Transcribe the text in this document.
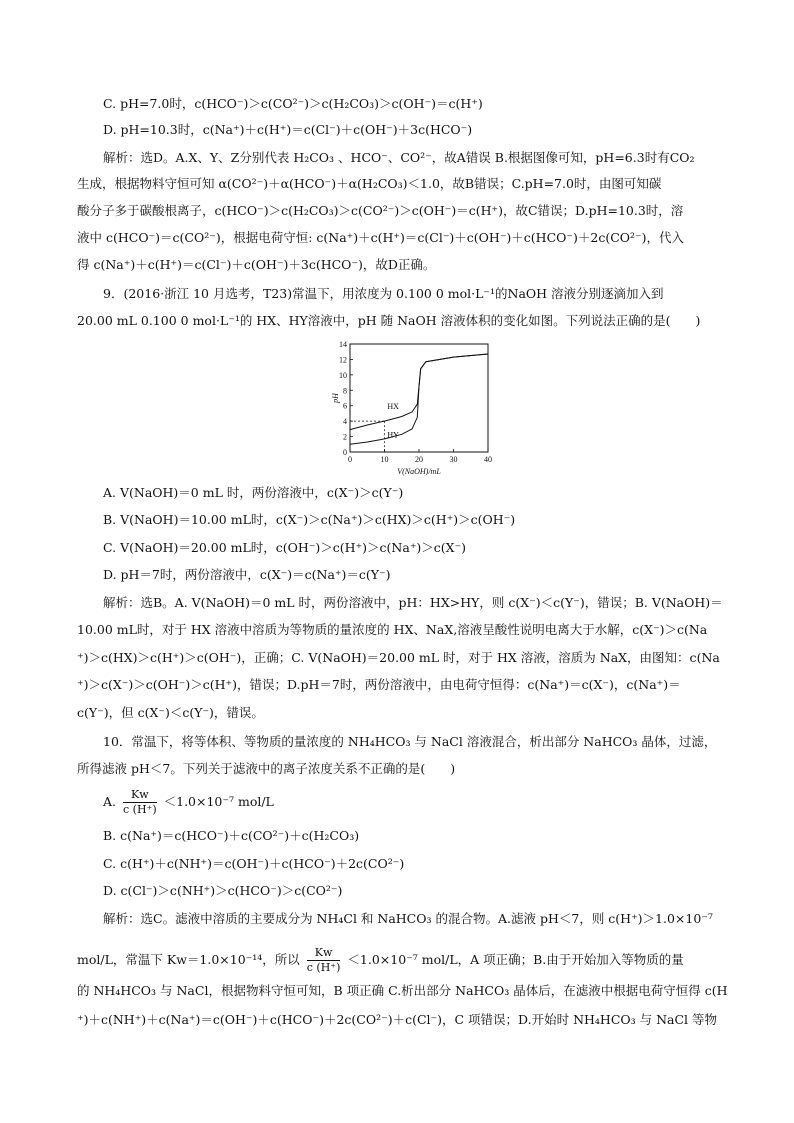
C. pH=7.0时，c(HCO⁻)＞c(CO²⁻)＞c(H₂CO₃)＞c(OH⁻)＝c(H⁺)
D. pH=10.3时，c(Na⁺)＋c(H⁺)＝c(Cl⁻)＋c(OH⁻)＋3c(HCO⁻)
解析：选D。A.X、Y、Z分别代表 H₂CO₃ 、HCO⁻、CO²⁻，故A错误 B.根据图像可知，pH=6.3时有CO₂
生成，根据物料守恒可知 α(CO²⁻)＋α(HCO⁻)＋α(H₂CO₃)＜1.0，故B错误；C.pH=7.0时，由图可知碳
酸分子多于碳酸根离子，c(HCO⁻)＞c(H₂CO₃)＞c(CO²⁻)＞c(OH⁻)＝c(H⁺)，故C错误；D.pH=10.3时，溶
液中 c(HCO⁻)＝c(CO²⁻)，根据电荷守恒: c(Na⁺)＋c(H⁺)＝c(Cl⁻)＋c(OH⁻)＋c(HCO⁻)＋2c(CO²⁻)，代入
得 c(Na⁺)＋c(H⁺)＝c(Cl⁻)＋c(OH⁻)＋3c(HCO⁻)，故D正确。
9．(2016·浙江 10 月选考，T23)常温下，用浓度为 0.100 0 mol·L⁻¹的NaOH 溶液分别逐滴加入到
20.00 mL 0.100 0 mol·L⁻¹的 HX、HY溶液中，pH 随 NaOH 溶液体积的变化如图。下列说法正确的是(　　)
0
2
4
6
8
10
12
14
0	10	20	30	40
V(NaOH)/mL
pH
HX
HY
A. V(NaOH)＝0 mL 时，两份溶液中，c(X⁻)＞c(Y⁻)
B. V(NaOH)＝10.00 mL时，c(X⁻)＞c(Na⁺)＞c(HX)＞c(H⁺)＞c(OH⁻)
C. V(NaOH)＝20.00 mL时，c(OH⁻)＞c(H⁺)＞c(Na⁺)＞c(X⁻)
D. pH＝7时，两份溶液中，c(X⁻)＝c(Na⁺)＝c(Y⁻)
解析：选B。A. V(NaOH)＝0 mL 时，两份溶液中，pH：HX>HY，则 c(X⁻)＜c(Y⁻)，错误；B. V(NaOH)＝
10.00 mL时，对于 HX 溶液中溶质为等物质的量浓度的 HX、NaX,溶液呈酸性说明电离大于水解，c(X⁻)＞c(Na
⁺)＞c(HX)＞c(H⁺)＞c(OH⁻)，正确；C. V(NaOH)＝20.00 mL 时，对于 HX 溶液，溶质为 NaX，由图知：c(Na
⁺)＞c(X⁻)＞c(OH⁻)＞c(H⁺)，错误；D.pH＝7时，两份溶液中，由电荷守恒得：c(Na⁺)＝c(X⁻)，c(Na⁺)＝
c(Y⁻)，但 c(X⁻)＜c(Y⁻)，错误。
10．常温下，将等体积、等物质的量浓度的 NH₄HCO₃ 与 NaCl 溶液混合，析出部分 NaHCO₃ 晶体，过滤，
所得滤液 pH＜7。下列关于滤液中的离子浓度关系不正确的是(　　)
A. $\frac{Kw}{c (H^+)} <1.0\times 10^{-7}$ mol/L
B. c(Na⁺)＝c(HCO⁻)＋c(CO²⁻)＋c(H₂CO₃)
C. c(H⁺)＋c(NH⁺)＝c(OH⁻)＋c(HCO⁻)＋2c(CO²⁻)
D. c(Cl⁻)＞c(NH⁺)＞c(HCO⁻)＞c(CO²⁻)
解析：选C。滤液中溶质的主要成分为 NH₄Cl 和 NaHCO₃ 的混合物。A.滤液 pH＜7，则 c(H⁺)＞1.0×10⁻⁷
mol/L，常温下 Kw＝1.0×10⁻¹⁴，所以 $\frac{Kw}{c (H^+)} <1.0\times 10^{-7}$ mol/L，A 项正确；B.由于开始加入等物质的量
的 NH₄HCO₃ 与 NaCl，根据物料守恒可知，B 项正确 C.析出部分 NaHCO₃ 晶体后，在滤液中根据电荷守恒得 c(H
⁺)＋c(NH⁺)＋c(Na⁺)＝c(OH⁻)＋c(HCO⁻)＋2c(CO²⁻)＋c(Cl⁻)，C 项错误；D.开始时 NH₄HCO₃ 与 NaCl 等物
